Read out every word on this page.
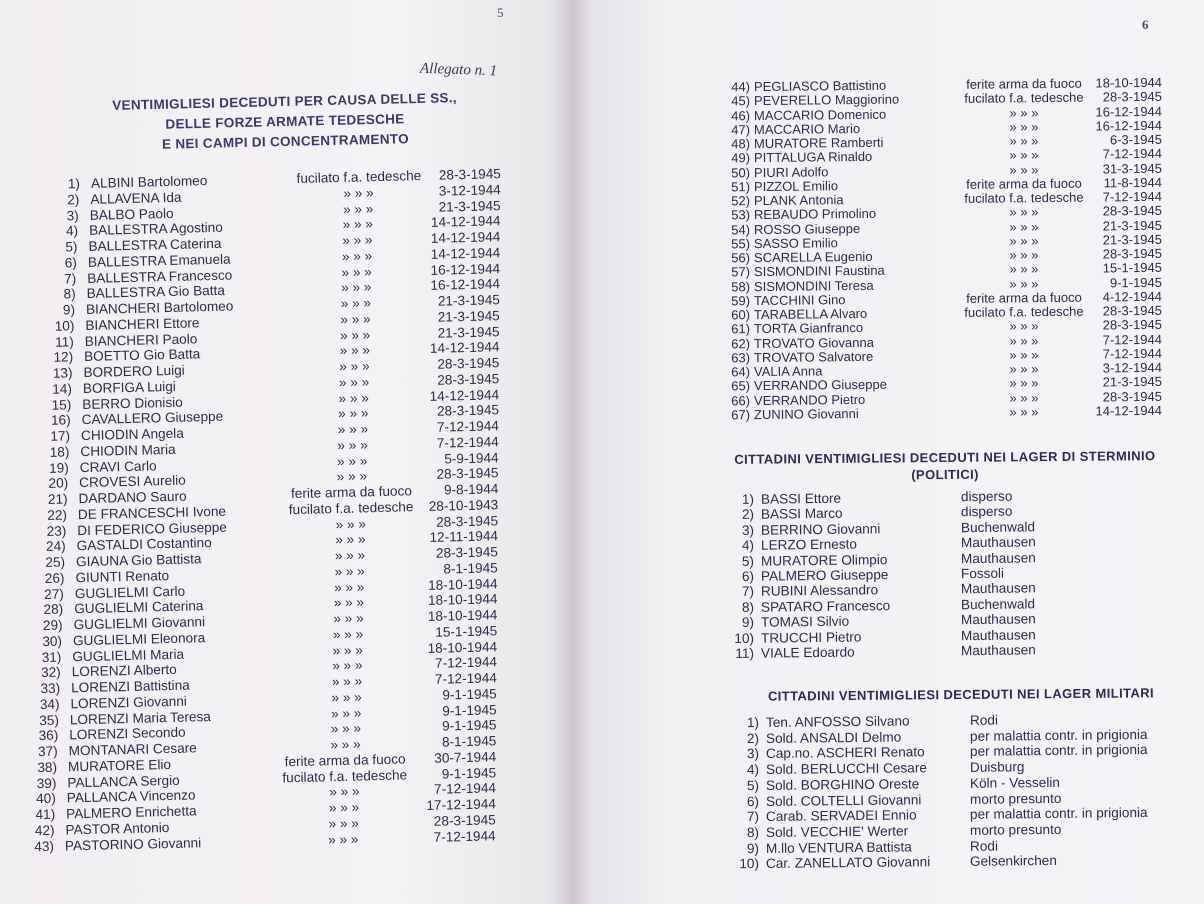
5
Allegato n. 1
VENTIMIGLIESI DECEDUTI PER CAUSA DELLE SS.,
DELLE FORZE ARMATE TEDESCHE
E NEI CAMPI DI CONCENTRAMENTO
1) ALBINI Bartolomeo	fucilato f.a. tedesche	28-3-1945
2) ALLAVENA Ida	» » »	3-12-1944
3) BALBO Paolo	» » »	21-3-1945
4) BALLESTRA Agostino	» » »	14-12-1944
5) BALLESTRA Caterina	» » »	14-12-1944
6) BALLESTRA Emanuela	» » »	14-12-1944
7) BALLESTRA Francesco	» » »	16-12-1944
8) BALLESTRA Gio Batta	» » »	16-12-1944
9) BIANCHERI Bartolomeo	» » »	21-3-1945
10) BIANCHERI Ettore	» » »	21-3-1945
11) BIANCHERI Paolo	» » »	21-3-1945
12) BOETTO Gio Batta	» » »	14-12-1944
13) BORDERO Luigi	» » »	28-3-1945
14) BORFIGA Luigi	» » »	28-3-1945
15) BERRO Dionisio	» » »	14-12-1944
16) CAVALLERO Giuseppe	» » »	28-3-1945
17) CHIODIN Angela	» » »	7-12-1944
18) CHIODIN Maria	» » »	7-12-1944
19) CRAVI Carlo	» » »	5-9-1944
20) CROVESI Aurelio	» » »	28-3-1945
21) DARDANO Sauro	ferite arma da fuoco	9-8-1944
22) DE FRANCESCHI Ivone	fucilato f.a. tedesche	28-10-1943
23) DI FEDERICO Giuseppe	» » »	28-3-1945
24) GASTALDI Costantino	» » »	12-11-1944
25) GIAUNA Gio Battista	» » »	28-3-1945
26) GIUNTI Renato	» » »	8-1-1945
27) GUGLIELMI Carlo	» » »	18-10-1944
28) GUGLIELMI Caterina	» » »	18-10-1944
29) GUGLIELMI Giovanni	» » »	18-10-1944
30) GUGLIELMI Eleonora	» » »	15-1-1945
31) GUGLIELMI Maria	» » »	18-10-1944
32) LORENZI Alberto	» » »	7-12-1944
33) LORENZI Battistina	» » »	7-12-1944
34) LORENZI Giovanni	» » »	9-1-1945
35) LORENZI Maria Teresa	» » »	9-1-1945
36) LORENZI Secondo	» » »	9-1-1945
37) MONTANARI Cesare	» » »	8-1-1945
38) MURATORE Elio	ferite arma da fuoco	30-7-1944
39) PALLANCA Sergio	fucilato f.a. tedesche	9-1-1945
40) PALLANCA Vincenzo	» » »	7-12-1944
41) PALMERO Enrichetta	» » »	17-12-1944
42) PASTOR Antonio	» » »	28-3-1945
43) PASTORINO Giovanni	» » »	7-12-1944
6
44) PEGLIASCO Battistino	ferite arma da fuoco	18-10-1944
45) PEVERELLO Maggiorino	fucilato f.a. tedesche	28-3-1945
46) MACCARIO Domenico	» » »	16-12-1944
47) MACCARIO Mario	» » »	16-12-1944
48) MURATORE Ramberti	» » »	6-3-1945
49) PITTALUGA Rinaldo	» » »	7-12-1944
50) PIURI Adolfo	» » »	31-3-1945
51) PIZZOL Emilio	ferite arma da fuoco	11-8-1944
52) PLANK Antonia	fucilato f.a. tedesche	7-12-1944
53) REBAUDO Primolino	» » »	28-3-1945
54) ROSSO Giuseppe	» » »	21-3-1945
55) SASSO Emilio	» » »	21-3-1945
56) SCARELLA Eugenio	» » »	28-3-1945
57) SISMONDINI Faustina	» » »	15-1-1945
58) SISMONDINI Teresa	» » »	9-1-1945
59) TACCHINI Gino	ferite arma da fuoco	4-12-1944
60) TARABELLA Alvaro	fucilato f.a. tedesche	28-3-1945
61) TORTA Gianfranco	» » »	28-3-1945
62) TROVATO Giovanna	» » »	7-12-1944
63) TROVATO Salvatore	» » »	7-12-1944
64) VALIA Anna	» » »	3-12-1944
65) VERRANDO Giuseppe	» » »	21-3-1945
66) VERRANDO Pietro	» » »	28-3-1945
67) ZUNINO Giovanni	» » »	14-12-1944
CITTADINI VENTIMIGLIESI DECEDUTI NEI LAGER DI STERMINIO
(POLITICI)
1) BASSI Ettore	disperso
2) BASSI Marco	disperso
3) BERRINO Giovanni	Buchenwald
4) LERZO Ernesto	Mauthausen
5) MURATORE Olimpio	Mauthausen
6) PALMERO Giuseppe	Fossoli
7) RUBINI Alessandro	Mauthausen
8) SPATARO Francesco	Buchenwald
9) TOMASI Silvio	Mauthausen
10) TRUCCHI Pietro	Mauthausen
11) VIALE Edoardo	Mauthausen
CITTADINI VENTIMIGLIESI DECEDUTI NEI LAGER MILITARI
1) Ten. ANFOSSO Silvano	Rodi
2) Sold. ANSALDI Delmo	per malattia contr. in prigionia
3) Cap.no. ASCHERI Renato	per malattia contr. in prigionia
4) Sold. BERLUCCHI Cesare	Duisburg
5) Sold. BORGHINO Oreste	Köln - Vesselin
6) Sold. COLTELLI Giovanni	morto presunto
7) Carab. SERVADEI Ennio	per malattia contr. in prigionia
8) Sold. VECCHIE' Werter	morto presunto
9) M.llo VENTURA Battista	Rodi
10) Car. ZANELLATO Giovanni	Gelsenkirchen
